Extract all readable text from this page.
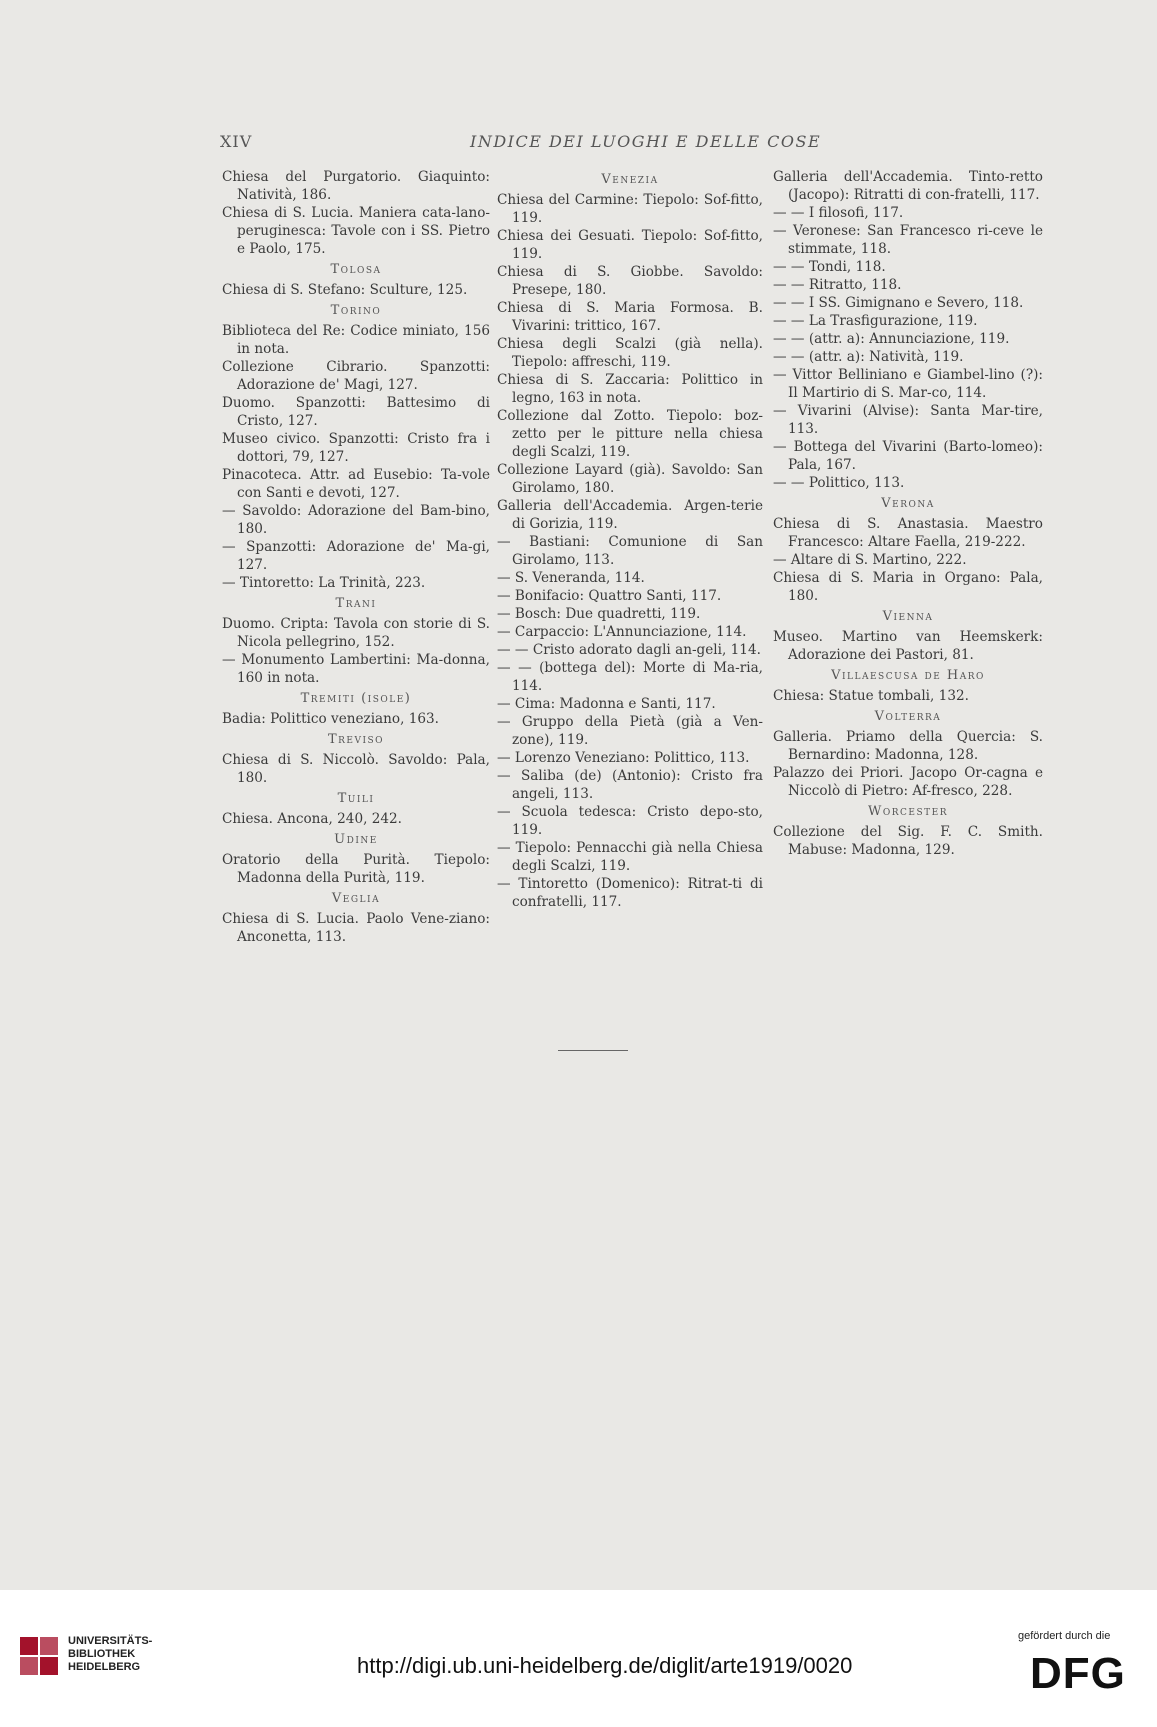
XIV	INDICE DEI LUOGHI E DELLE COSE
Chiesa del Purgatorio. Giaquinto: Natività, 186.
Chiesa di S. Lucia. Maniera cata-lano-peruginesca: Tavole con i SS. Pietro e Paolo, 175.
Tolosa
Chiesa di S. Stefano: Sculture, 125.
Torino
Biblioteca del Re: Codice miniato, 156 in nota.
Collezione Cibrario. Spanzotti: Adorazione de' Magi, 127.
Duomo. Spanzotti: Battesimo di Cristo, 127.
Museo civico. Spanzotti: Cristo fra i dottori, 79, 127.
Pinacoteca. Attr. ad Eusebio: Ta-vole con Santi e devoti, 127.
— Savoldo: Adorazione del Bam-bino, 180.
— Spanzotti: Adorazione de' Ma-gi, 127.
— Tintoretto: La Trinità, 223.
Trani
Duomo. Cripta: Tavola con storie di S. Nicola pellegrino, 152.
— Monumento Lambertini: Ma-donna, 160 in nota.
Tremiti (isole)
Badia: Polittico veneziano, 163.
Treviso
Chiesa di S. Niccolò. Savoldo: Pala, 180.
Tuili
Chiesa. Ancona, 240, 242.
Udine
Oratorio della Purità. Tiepolo: Madonna della Purità, 119.
Veglia
Chiesa di S. Lucia. Paolo Vene-ziano: Anconetta, 113.
Venezia
Chiesa del Carmine: Tiepolo: Sof-fitto, 119.
Chiesa dei Gesuati. Tiepolo: Sof-fitto, 119.
Chiesa di S. Giobbe. Savoldo: Presepe, 180.
Chiesa di S. Maria Formosa. B. Vivarini: trittico, 167.
Chiesa degli Scalzi (già nella). Tiepolo: affreschi, 119.
Chiesa di S. Zaccaria: Polittico in legno, 163 in nota.
Collezione dal Zotto. Tiepolo: boz-zetto per le pitture nella chiesa degli Scalzi, 119.
Collezione Layard (già). Savoldo: San Girolamo, 180.
Galleria dell'Accademia. Argen-terie di Gorizia, 119.
— Bastiani: Comunione di San Girolamo, 113.
— S. Veneranda, 114.
— Bonifacio: Quattro Santi, 117.
— Bosch: Due quadretti, 119.
— Carpaccio: L'Annunciazione, 114.
— — Cristo adorato dagli an-geli, 114.
— — (bottega del): Morte di Ma-ria, 114.
— Cima: Madonna e Santi, 117.
— Gruppo della Pietà (già a Ven-zone), 119.
— Lorenzo Veneziano: Polittico, 113.
— Saliba (de) (Antonio): Cristo fra angeli, 113.
— Scuola tedesca: Cristo depo-sto, 119.
— Tiepolo: Pennacchi già nella Chiesa degli Scalzi, 119.
— Tintoretto (Domenico): Ritrat-ti di confratelli, 117.
Galleria dell'Accademia. Tinto-retto (Jacopo): Ritratti di con-fratelli, 117.
— — I filosofi, 117.
— Veronese: San Francesco ri-ceve le stimmate, 118.
— — Tondi, 118.
— — Ritratto, 118.
— — I SS. Gimignano e Severo, 118.
— — La Trasfigurazione, 119.
— — (attr. a): Annunciazione, 119.
— — (attr. a): Natività, 119.
— Vittor Belliniano e Giambel-lino (?): Il Martirio di S. Mar-co, 114.
— Vivarini (Alvise): Santa Mar-tire, 113.
— Bottega del Vivarini (Barto-lomeo): Pala, 167.
— — Polittico, 113.
Verona
Chiesa di S. Anastasia. Maestro Francesco: Altare Faella, 219-222.
— Altare di S. Martino, 222.
Chiesa di S. Maria in Organo: Pala, 180.
Vienna
Museo. Martino van Heemskerk: Adorazione dei Pastori, 81.
Villaescusa de Haro
Chiesa: Statue tombali, 132.
Volterra
Galleria. Priamo della Quercia: S. Bernardino: Madonna, 128.
Palazzo dei Priori. Jacopo Or-cagna e Niccolò di Pietro: Af-fresco, 228.
Worcester
Collezione del Sig. F. C. Smith. Mabuse: Madonna, 129.
UNIVERSITÄTS-
BIBLIOTHEK
HEIDELBERG	http://digi.ub.uni-heidelberg.de/diglit/arte1919/0020
gefördert durch die
DFG
